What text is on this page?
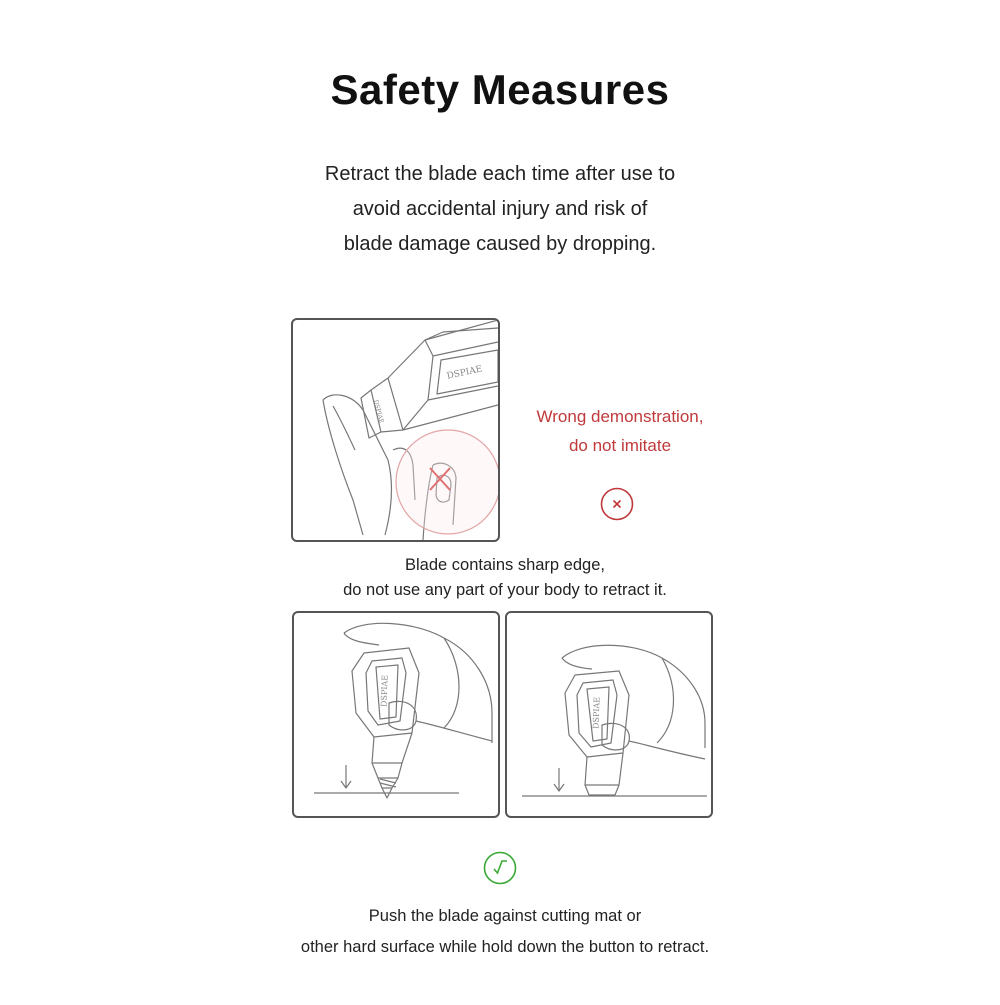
Safety Measures
Retract the blade each time after use to
avoid accidental injury and risk of
blade damage caused by dropping.
DSPIAE
DSPIAE	Wrong demonstration,
do not imitate
Blade contains sharp edge,
do not use any part of your body to retract it.
DSPIAE
DSPIAE
Push the blade against cutting mat or
other hard surface while hold down the button to retract.
